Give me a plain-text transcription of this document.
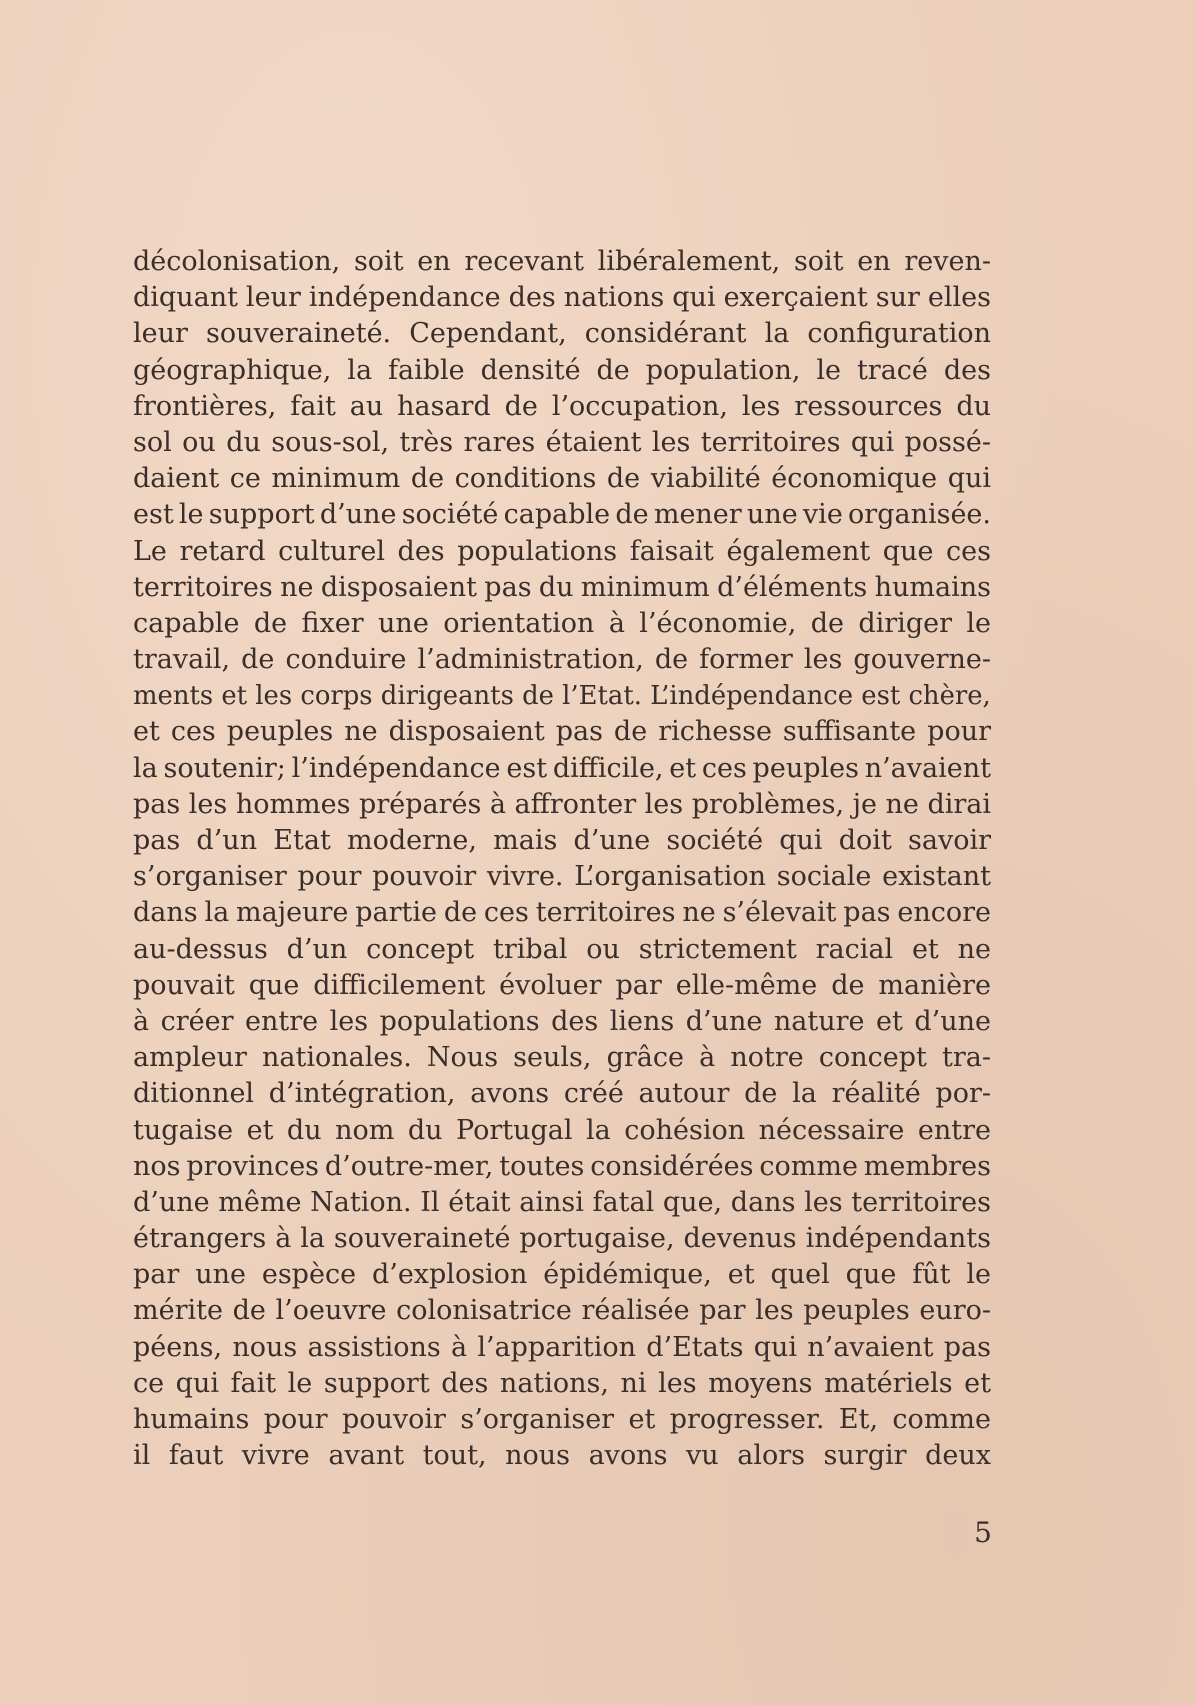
décolonisation, soit en recevant libéralement, soit en reven-
diquant leur indépendance des nations qui exerçaient sur elles
leur souveraineté. Cependant, considérant la configuration
géographique, la faible densité de population, le tracé des
frontières, fait au hasard de l’occupation, les ressources du
sol ou du sous-sol, très rares étaient les territoires qui possé-
daient ce minimum de conditions de viabilité économique qui
est le support d’une société capable de mener une vie organisée.
Le retard culturel des populations faisait également que ces
territoires ne disposaient pas du minimum d’éléments humains
capable de fixer une orientation à l’économie, de diriger le
travail, de conduire l’administration, de former les gouverne-
ments et les corps dirigeants de l’Etat. L’indépendance est chère,
et ces peuples ne disposaient pas de richesse suffisante pour
la soutenir; l’indépendance est difficile, et ces peuples n’avaient
pas les hommes préparés à affronter les problèmes, je ne dirai
pas d’un Etat moderne, mais d’une société qui doit savoir
s’organiser pour pouvoir vivre. L’organisation sociale existant
dans la majeure partie de ces territoires ne s’élevait pas encore
au-dessus d’un concept tribal ou strictement racial et ne
pouvait que difficilement évoluer par elle-même de manière
à créer entre les populations des liens d’une nature et d’une
ampleur nationales. Nous seuls, grâce à notre concept tra-
ditionnel d’intégration, avons créé autour de la réalité por-
tugaise et du nom du Portugal la cohésion nécessaire entre
nos provinces d’outre-mer, toutes considérées comme membres
d’une même Nation. Il était ainsi fatal que, dans les territoires
étrangers à la souveraineté portugaise, devenus indépendants
par une espèce d’explosion épidémique, et quel que fût le
mérite de l’oeuvre colonisatrice réalisée par les peuples euro-
péens, nous assistions à l’apparition d’Etats qui n’avaient pas
ce qui fait le support des nations, ni les moyens matériels et
humains pour pouvoir s’organiser et progresser. Et, comme
il faut vivre avant tout, nous avons vu alors surgir deux
5
